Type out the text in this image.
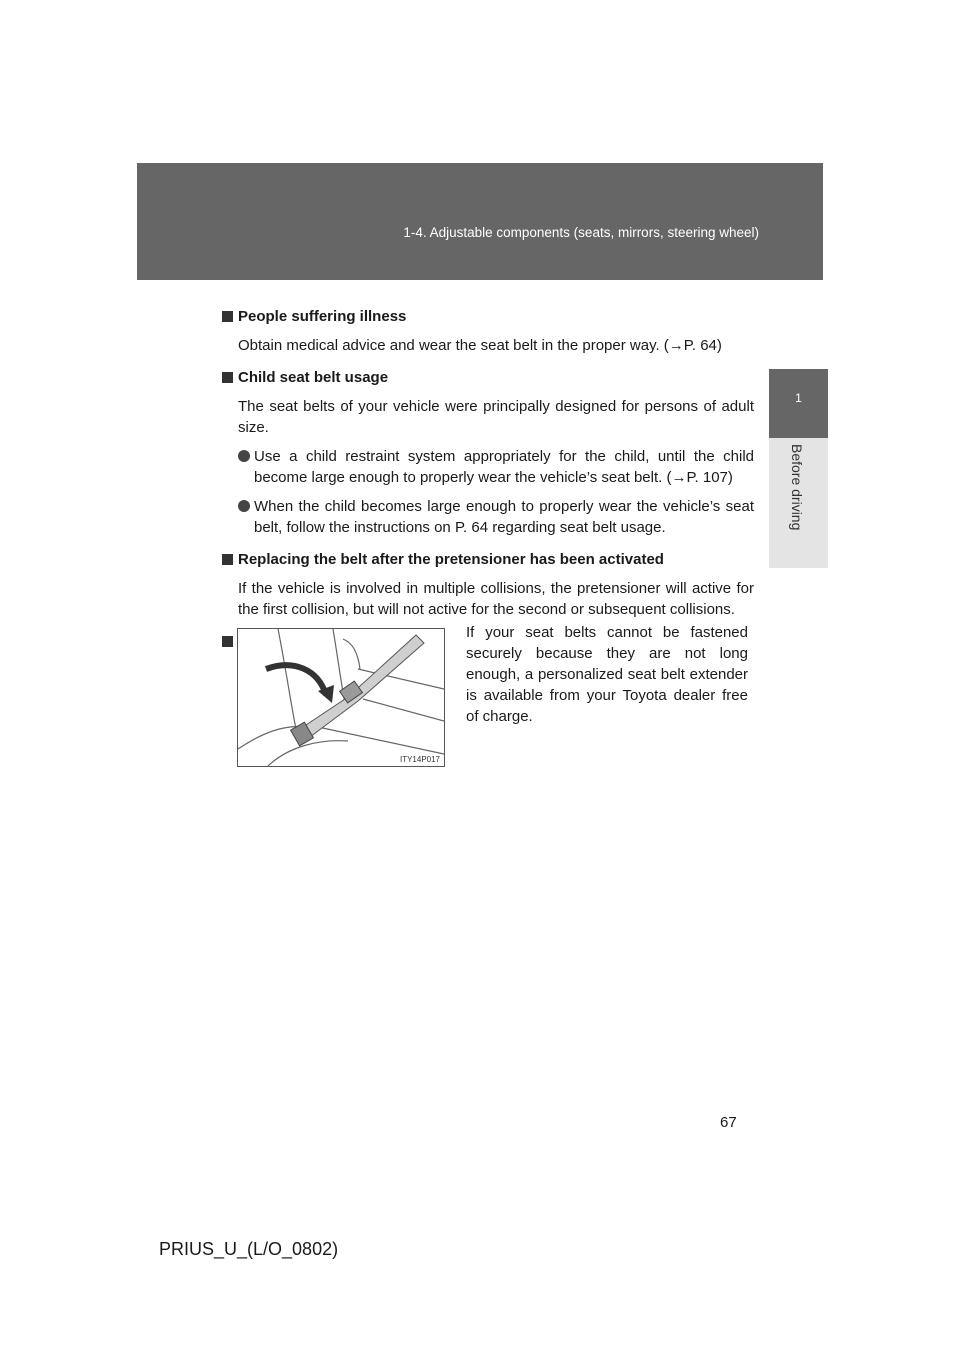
1-4. Adjustable components (seats, mirrors, steering wheel)
1
Before driving

People suffering illness

Obtain medical advice and wear the seat belt in the proper way. (→P. 64)

Child seat belt usage

The seat belts of your vehicle were principally designed for persons of adult size.

Use a child restraint system appropriately for the child, until the child become large enough to properly wear the vehicle’s seat belt. (→P. 107)
When the child becomes large enough to properly wear the vehicle’s seat belt, follow the instructions on P. 64 regarding seat belt usage.

Replacing the belt after the pretensioner has been activated

If the vehicle is involved in multiple collisions, the pretensioner will active for the first collision, but will not active for the second or subsequent collisions.

ITY14P017
If your seat belts cannot be fastened securely because they are not long enough, a personalized seat belt extender is available from your Toyota dealer free of charge.
67
PRIUS_U_(L/O_0802)
